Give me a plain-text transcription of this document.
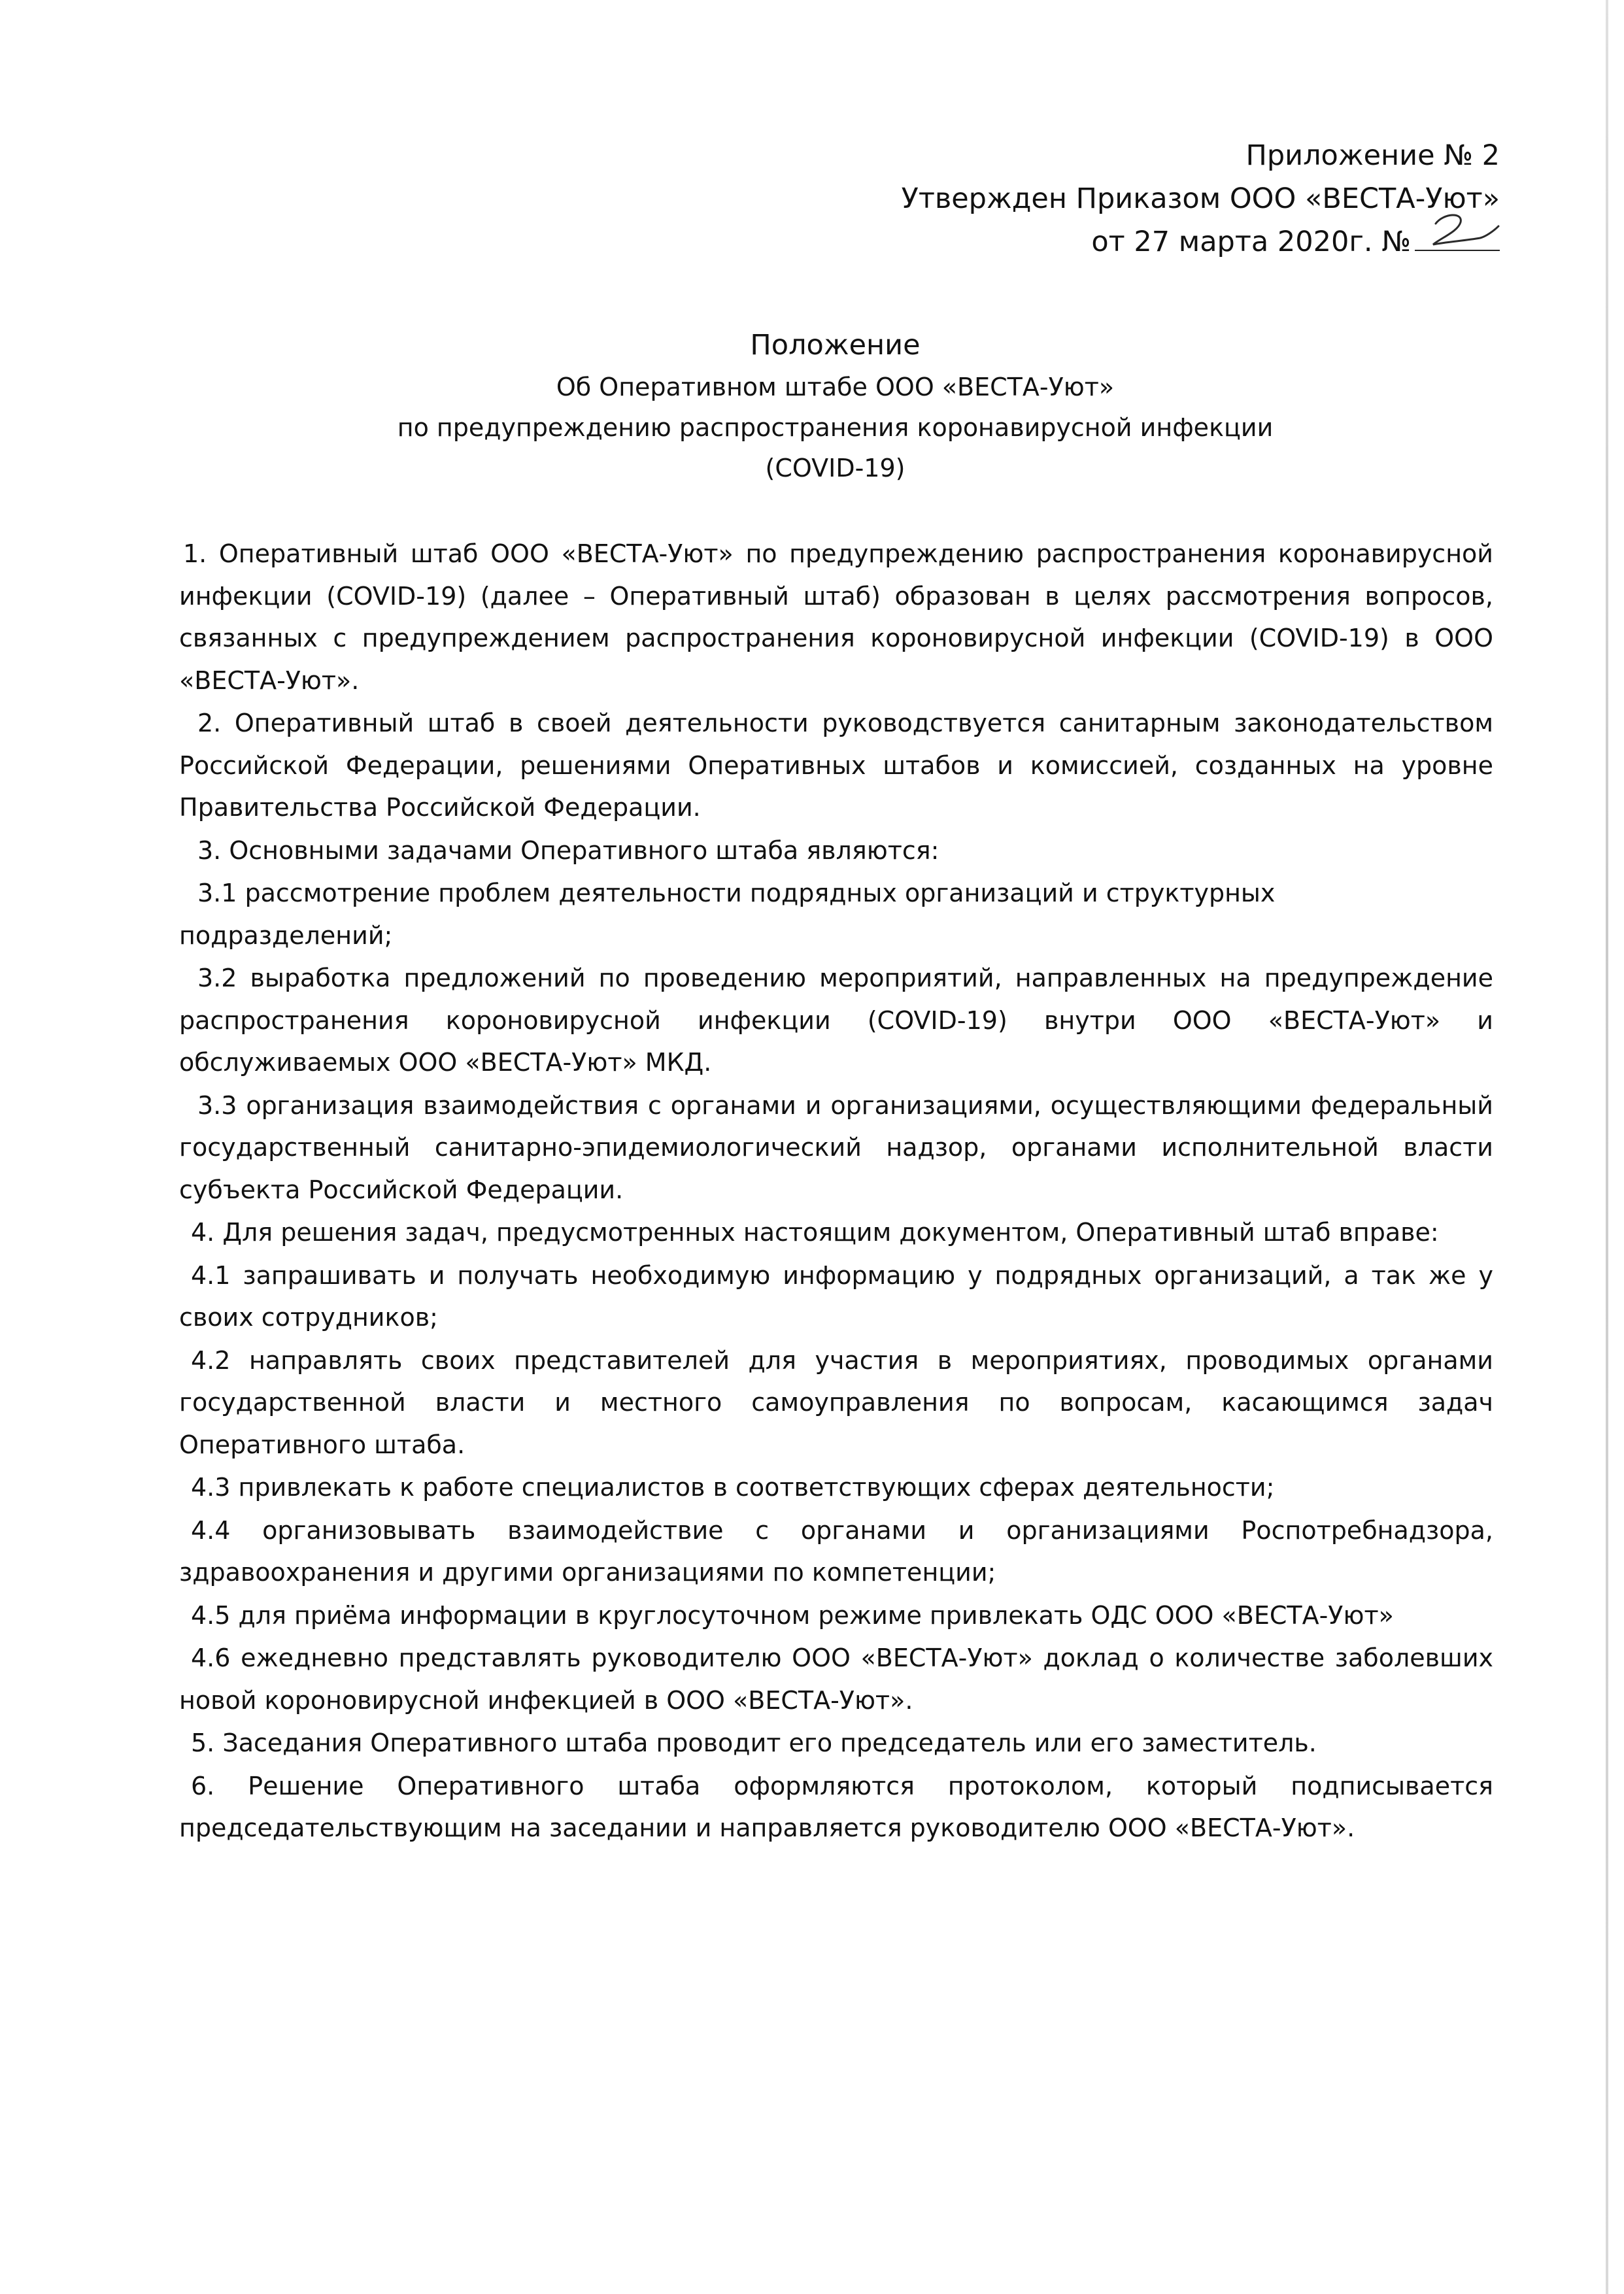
Приложение № 2
Утвержден Приказом ООО «ВЕСТА-Уют»
от 27 марта 2020г. №
Положение
Об Оперативном штабе ООО «ВЕСТА-Уют»
по предупреждению распространения коронавирусной инфекции
(COVID-19)

1. Оперативный штаб ООО «ВЕСТА-Уют» по предупреждению распространения коронавирусной инфекции (COVID-19) (далее – Оперативный штаб) образован в целях рассмотрения вопросов, связанных с предупреждением распространения короновирусной инфекции (COVID-19) в ООО «ВЕСТА-Уют».

2. Оперативный штаб в своей деятельности руководствуется санитарным законодательством Российской Федерации, решениями Оперативных штабов и комиссией, созданных на уровне Правительства Российской Федерации.

3. Основными задачами Оперативного штаба являются:

3.1 рассмотрение проблем деятельности подрядных организаций и структурных подразделений;

3.2 выработка предложений по проведению мероприятий, направленных на предупреждение распространения короновирусной инфекции (COVID-19) внутри ООО «ВЕСТА-Уют» и обслуживаемых ООО «ВЕСТА-Уют» МКД.

3.3 организация взаимодействия с органами и организациями, осуществляющими федеральный государственный санитарно-эпидемиологический надзор, органами исполнительной власти субъекта Российской Федерации.

4. Для решения задач, предусмотренных настоящим документом, Оперативный штаб вправе:

4.1 запрашивать и получать необходимую информацию у подрядных организаций, а так же у своих сотрудников;

4.2 направлять своих представителей для участия в мероприятиях, проводимых органами государственной власти и местного самоуправления по вопросам, касающимся задач Оперативного штаба.

4.3 привлекать к работе специалистов в соответствующих сферах деятельности;

4.4 организовывать взаимодействие с органами и организациями Роспотребнадзора, здравоохранения и другими организациями по компетенции;

4.5 для приёма информации в круглосуточном режиме привлекать ОДС ООО «ВЕСТА-Уют»

4.6 ежедневно представлять руководителю ООО «ВЕСТА-Уют» доклад о количестве заболевших новой короновирусной инфекцией в ООО «ВЕСТА-Уют».

5. Заседания Оперативного штаба проводит его председатель или его заместитель.

6. Решение Оперативного штаба оформляются протоколом, который подписывается председательствующим на заседании и направляется руководителю ООО «ВЕСТА-Уют».
